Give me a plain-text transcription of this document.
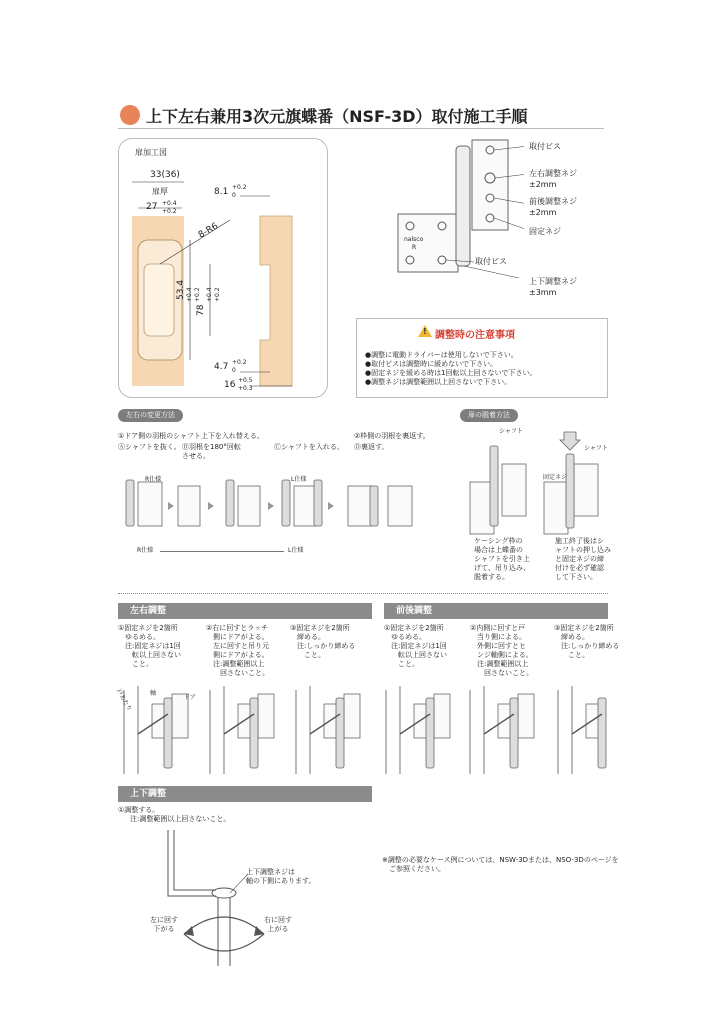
上下左右兼用3次元旗蝶番（NSF-3D）取付施工手順
扉加工図
33(36)
扉厚
27 +0.4
+0.2
8-R6
53.4 +0.4
+0.2
78
+0.4
+0.2
8.1 +0.2
0
4.7 +0.2
0
16 +0.5
+0.3
nalsco
R
取付ビス
左右調整ネジ
±2mm
前後調整ネジ
±2mm
固定ネジ
取付ビス
上下調整ネジ
±3mm
! 調整時の注意事項
●調整に電動ドライバーは使用しないで下さい。
●取付ビスは調整時に緩めないで下さい。
●固定ネジを緩める時は1回転以上回さないで下さい。
●調整ネジは調整範囲以上回さないで下さい。
左右の変更方法
①ドア側の羽根のシャフト上下を入れ替える。
Ⓐシャフトを抜く。 Ⓑ羽根を180°回転
させる。
Ⓒシャフトを入れる。
②枠側の羽根を裏返す。
Ⓓ裏返す。
R仕様	L仕様
R仕様	L仕様
扉の脱着方法
シャフト
シャフト
固定ネジ
ケーシング枠の
場合は上蝶番の
シャフトを引き上
げて、吊り込み、
脱着する。
施工終了後はシ
ャフトの押し込み
と固定ネジの締
付けを必ず確認
して下さい。
左右調整
①固定ネジを2箇所
　ゆるめる。
　注:固定ネジは1回
　　転以上回さない
　　こと。
②右に回すとラッチ
　側にドアがよる。
　左に回すと吊り元
　側にドアがよる。
　注:調整範囲以上
　　回さないこと。
③固定ネジを2箇所
　締める。
　注:しっかり締める
　　こと。
前後調整
①固定ネジを2箇所
　ゆるめる。
　注:固定ネジは1回
　　転以上回さない
　　こと。
②内側に回すと戸
　当り側による。
　外側に回すとヒ
　ンジ軸側による。
　注:調整範囲以上
　　回さないこと。
③固定ネジを2箇所
　締める。
　注:しっかり締める
　　こと。
戸あたり	軸
ドア
上下調整
①調整する。
注:調整範囲以上回さないこと。
上下調整ネジは
軸の下側にあります。
左に回す
下がる
右に回す
上がる
※調整の必要なケース例については、NSW-3Dまたは、NSO-3Dのページを
　ご参照ください。
